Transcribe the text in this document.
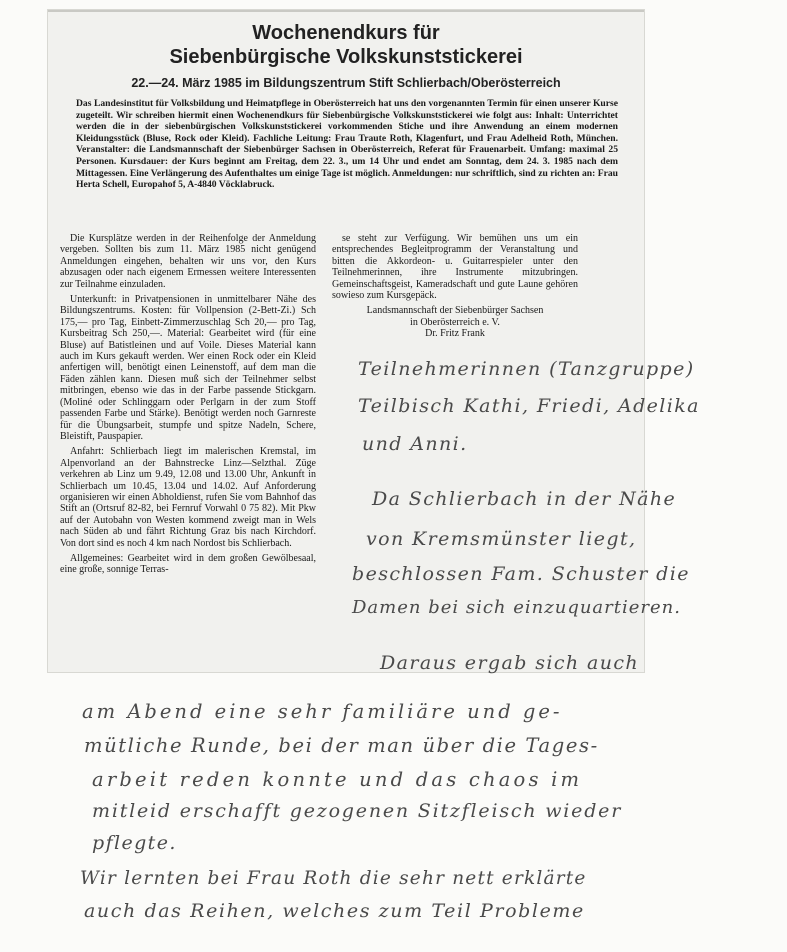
Wochenendkurs für
Siebenbürgische Volkskunststickerei
22.—24. März 1985 im Bildungszentrum Stift Schlierbach/Oberösterreich

Das Landesinstitut für Volksbildung und Heimatpflege in Oberösterreich hat uns den vorgenannten Termin für einen unserer Kurse zugeteilt. Wir schreiben hiermit einen Wochenendkurs für Siebenbürgische Volkskunststickerei wie folgt aus: Inhalt: Unterrichtet werden die in der siebenbürgischen Volkskunststickerei vorkommenden Stiche und ihre Anwendung an einem modernen Kleidungsstück (Bluse, Rock oder Kleid). Fachliche Leitung: Frau Traute Roth, Klagenfurt, und Frau Adelheid Roth, München. Veranstalter: die Landsmannschaft der Siebenbürger Sachsen in Oberösterreich, Referat für Frauenarbeit. Umfang: maximal 25 Personen. Kursdauer: der Kurs beginnt am Freitag, dem 22. 3., um 14 Uhr und endet am Sonntag, dem 24. 3. 1985 nach dem Mittagessen. Eine Verlängerung des Aufenthaltes um einige Tage ist möglich. Anmeldungen: nur schriftlich, sind zu richten an: Frau Herta Schell, Europahof 5, A-4840 Vöcklabruck.

Die Kursplätze werden in der Reihenfolge der Anmeldung vergeben. Sollten bis zum 11. März 1985 nicht genügend Anmeldungen eingehen, behalten wir uns vor, den Kurs abzusagen oder nach eigenem Ermessen weitere Interessenten zur Teilnahme einzuladen.

Unterkunft: in Privatpensionen in unmittelbarer Nähe des Bildungszentrums. Kosten: für Vollpension (2-Bett-Zi.) Sch 175,— pro Tag, Einbett-Zimmerzuschlag Sch 20,— pro Tag, Kursbeitrag Sch 250,—. Material: Gearbeitet wird (für eine Bluse) auf Batistleinen und auf Voile. Dieses Material kann auch im Kurs gekauft werden. Wer einen Rock oder ein Kleid anfertigen will, benötigt einen Leinenstoff, auf dem man die Fäden zählen kann. Diesen muß sich der Teilnehmer selbst mitbringen, ebenso wie das in der Farbe passende Stickgarn. (Moliné oder Schlinggarn oder Perlgarn in der zum Stoff passenden Farbe und Stärke). Benötigt werden noch Garnreste für die Übungsarbeit, stumpfe und spitze Nadeln, Schere, Bleistift, Pauspapier.

Anfahrt: Schlierbach liegt im malerischen Kremstal, im Alpenvorland an der Bahnstrecke Linz—Selzthal. Züge verkehren ab Linz um 9.49, 12.08 und 13.00 Uhr, Ankunft in Schlierbach um 10.45, 13.04 und 14.02. Auf Anforderung organisieren wir einen Abholdienst, rufen Sie vom Bahnhof das Stift an (Ortsruf 82-82, bei Fernruf Vorwahl 0 75 82). Mit Pkw auf der Autobahn von Westen kommend zweigt man in Wels nach Süden ab und fährt Richtung Graz bis nach Kirchdorf. Von dort sind es noch 4 km nach Nordost bis Schlierbach.

Allgemeines: Gearbeitet wird in dem großen Gewölbesaal, eine große, sonnige Terras-

se steht zur Verfügung. Wir bemühen uns um ein entsprechendes Begleitprogramm der Veranstaltung und bitten die Akkordeon- u. Guitarrespieler unter den Teilnehmerinnen, ihre Instrumente mitzubringen. Gemeinschaftsgeist, Kameradschaft und gute Laune gehören sowieso zum Kursgepäck.

Landsmannschaft der Siebenbürger Sachsen
in Oberösterreich e. V.
Dr. Fritz Frank

Teilnehmerinnen (Tanzgruppe)

Teilbisch Kathi, Friedi, Adelika

und Anni.

Da Schlierbach in der Nähe

von Kremsmünster liegt,

beschlossen Fam. Schuster die

Damen bei sich einzuquartieren.

Daraus ergab sich auch

am Abend eine sehr familiäre und ge-

mütliche Runde, bei der man über die Tages-

arbeit reden konnte und das chaos im

mitleid erschafft gezogenen Sitzfleisch wieder

pflegte.

Wir lernten bei Frau Roth die sehr nett erklärte

auch das Reihen, welches zum Teil Probleme
